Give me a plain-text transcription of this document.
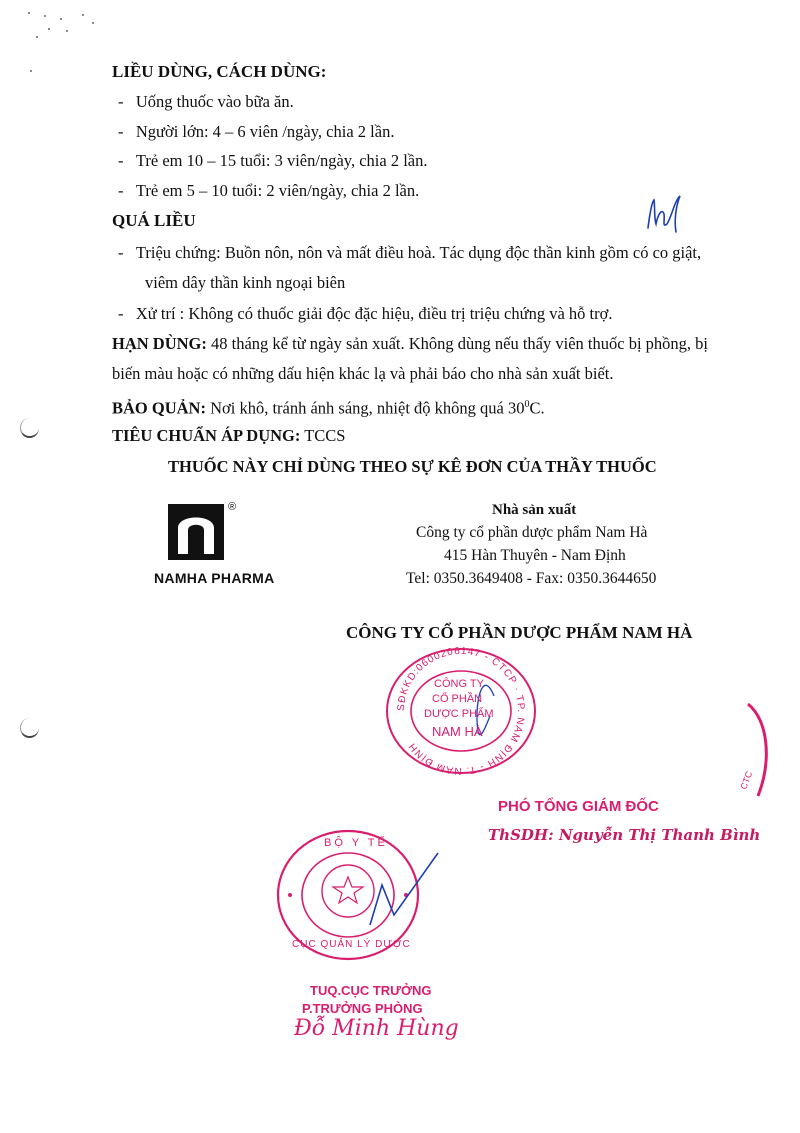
LIỀU DÙNG, CÁCH DÙNG:
-   Uống thuốc vào bữa ăn.
-   Người lớn: 4 – 6 viên /ngày, chia 2 lần.
-   Trẻ em 10 – 15 tuổi: 3 viên/ngày, chia 2 lần.
-   Trẻ em 5 – 10 tuổi: 2 viên/ngày, chia 2 lần.
QUÁ LIỀU
-   Triệu chứng: Buồn nôn, nôn và mất điều hoà. Tác dụng độc thần kinh gồm có co giật,
viêm dây thần kinh ngoại biên
-   Xử trí : Không có thuốc giải độc đặc hiệu, điều trị triệu chứng và hỗ trợ.
HẠN DÙNG: 48 tháng kể từ ngày sản xuất. Không dùng nếu thấy viên thuốc bị phồng, bị
biến màu hoặc có những dấu hiện khác lạ và phải báo cho nhà sản xuất biết.
BẢO QUẢN: Nơi khô, tránh ánh sáng, nhiệt độ không quá $30^0C$.
TIÊU CHUẨN ÁP DỤNG: TCCS
THUỐC NÀY CHỈ DÙNG THEO SỰ KÊ ĐƠN CỦA THẦY THUỐC
®
NAMHA PHARMA
Nhà sản xuất
Công ty cổ phần dược phẩm Nam Hà
415 Hàn Thuyên - Nam Định
Tel: 0350.3649408 - Fax: 0350.3644650
CÔNG TY CỔ PHẦN DƯỢC PHẨM NAM HÀ
SĐKKD:0600206147 - CTCP · TP. NAM ĐỊNH - T. NAM ĐỊNH
CÔNG TY
CỔ PHẦN
DƯỢC PHẨM
NAM HÀ
CTC
PHÓ TỔNG GIÁM ĐỐC
ThSDH: Nguyễn Thị Thanh Bình
BỘ Y TẾ
CỤC QUẢN LÝ DƯỢC
TUQ.CỤC TRƯỞNG
P.TRƯỞNG PHÒNG
Đỗ Minh Hùng
